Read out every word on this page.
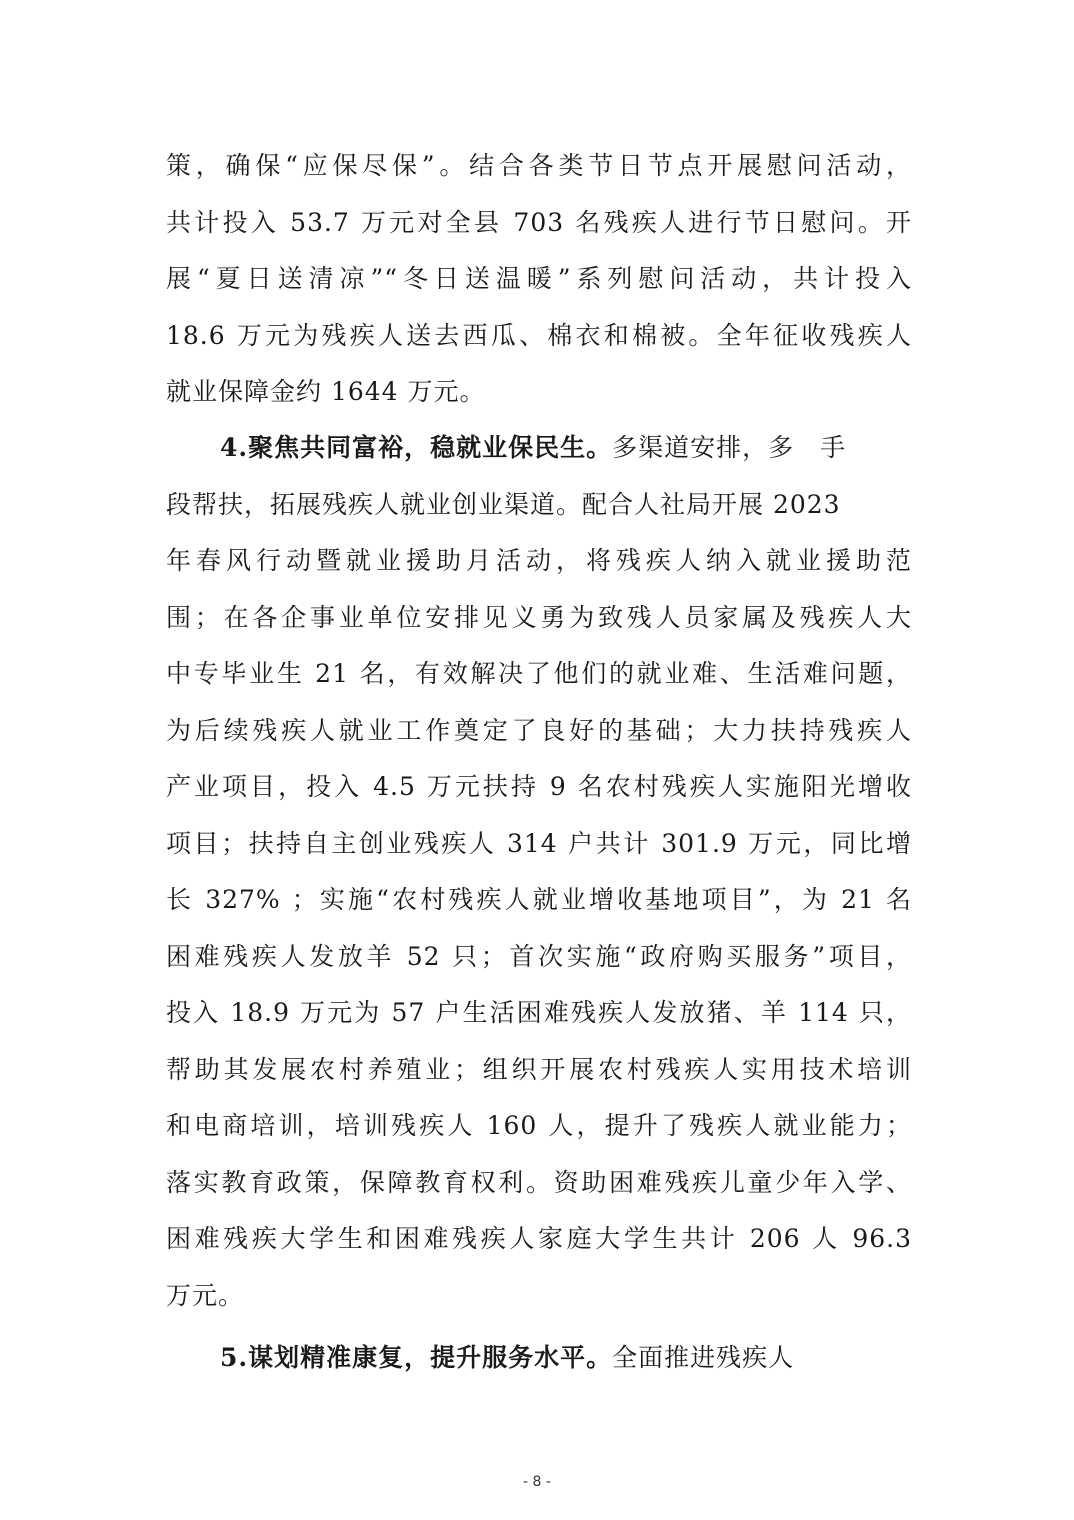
策，确保“应保尽保”。结合各类节日节点开展慰问活动，
共计投入 53.7 万元对全县 703 名残疾人进行节日慰问。开
展“夏日送清凉”“冬日送温暖”系列慰问活动，共计投入
18.6 万元为残疾人送去西瓜、棉衣和棉被。全年征收残疾人
就业保障金约 1644 万元。
4.聚焦共同富裕，稳就业保民生。多渠道安排，多　手
段帮扶，拓展残疾人就业创业渠道。配合人社局开展 2023
年春风行动暨就业援助月活动，将残疾人纳入就业援助范
围；在各企事业单位安排见义勇为致残人员家属及残疾人大
中专毕业生 21 名，有效解决了他们的就业难、生活难问题，
为后续残疾人就业工作奠定了良好的基础；大力扶持残疾人
产业项目，投入 4.5 万元扶持 9 名农村残疾人实施阳光增收
项目；扶持自主创业残疾人 314 户共计 301.9 万元，同比增
长 327% ；实施“农村残疾人就业增收基地项目”，为 21 名
困难残疾人发放羊 52 只；首次实施“政府购买服务”项目，
投入 18.9 万元为 57 户生活困难残疾人发放猪、羊 114 只，
帮助其发展农村养殖业；组织开展农村残疾人实用技术培训
和电商培训，培训残疾人 160 人，提升了残疾人就业能力；
落实教育政策，保障教育权利。资助困难残疾儿童少年入学、
困难残疾大学生和困难残疾人家庭大学生共计 206 人 96.3
万元。
5.谋划精准康复，提升服务水平。全面推进残疾人
- 8 -
